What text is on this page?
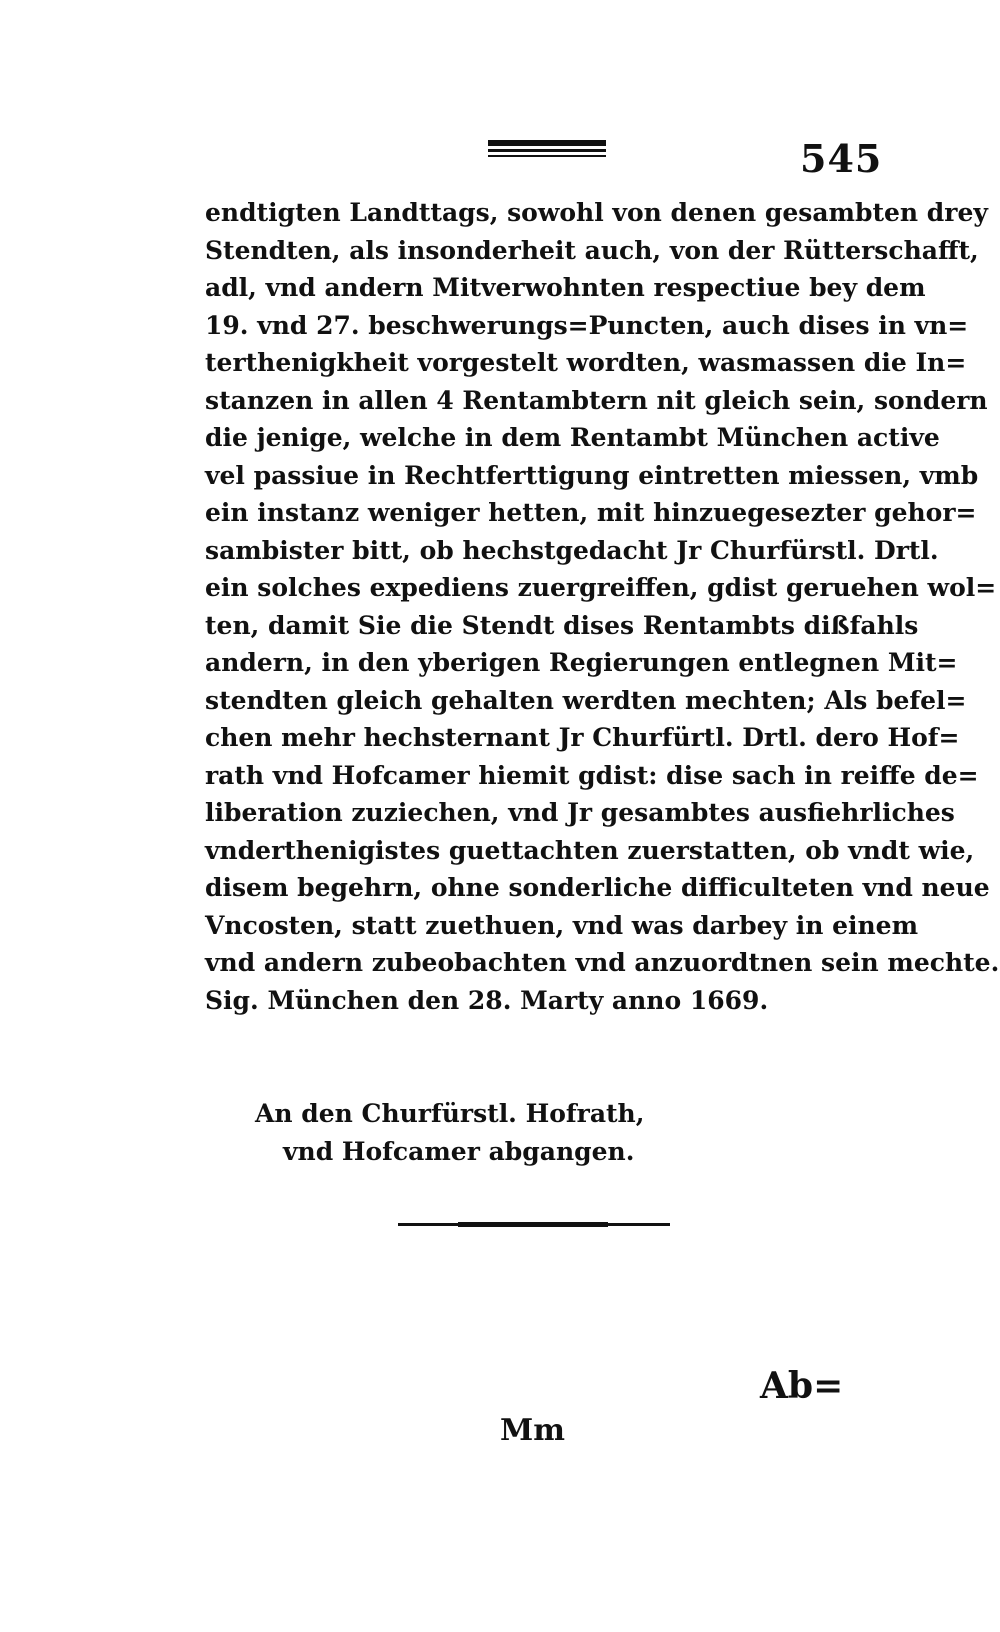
545
endtigten Landttags, sowohl von denen gesambten drey
Stendten, als insonderheit auch, von der Rütterschafft,
adl, vnd andern Mitverwohnten respectiue bey dem
19. vnd 27. beschwerungs=Puncten, auch dises in vn=
terthenigkheit vorgestelt wordten, wasmassen die In=
stanzen in allen 4 Rentambtern nit gleich sein, sondern
die jenige, welche in dem Rentambt München active
vel passiue in Rechtferttigung eintretten miessen, vmb
ein instanz weniger hetten, mit hinzuegesezter gehor=
sambister bitt, ob hechstgedacht Jr Churfürstl. Drtl.
ein solches expediens zuergreiffen, gdist geruehen wol=
ten, damit Sie die Stendt dises Rentambts dißfahls
andern, in den yberigen Regierungen entlegnen Mit=
stendten gleich gehalten werdten mechten; Als befel=
chen mehr hechsternant Jr Churfürtl. Drtl. dero Hof=
rath vnd Hofcamer hiemit gdist: dise sach in reiffe de=
liberation zuziechen, vnd Jr gesambtes ausfiehrliches
vnderthenigistes guettachten zuerstatten, ob vndt wie,
disem begehrn, ohne sonderliche difficulteten vnd neue
Vncosten, statt zuethuen, vnd was darbey in einem
vnd andern zubeobachten vnd anzuordtnen sein mechte.
Sig. München den 28. Marty anno 1669.
An den Churfürstl. Hofrath,
vnd Hofcamer abgangen.
Ab=
Mm
